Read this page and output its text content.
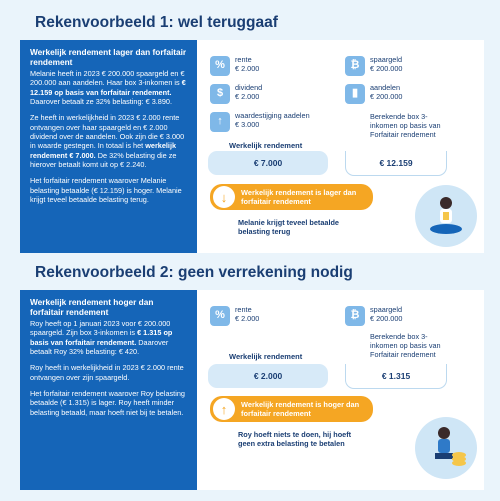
Rekenvoorbeeld 1: wel teruggaaf
Werkelijk rendement lager dan forfaitair rendement

Melanie heeft in 2023 € 200.000 spaargeld en € 200.000 aan aandelen. Haar box 3-inkomen is € 12.159 op basis van forfaitair rendement. Daarover betaalt ze 32% belasting: € 3.890.

Ze heeft in werkelijkheid in 2023 € 2.000 rente ontvangen over haar spaargeld en € 2.000 dividend over de aandelen. Ook zijn die € 3.000 in waarde gestegen. In totaal is het werkelijk rendement € 7.000. De 32% belasting die ze hierover betaalt komt uit op € 2.240.

Het forfaitair rendement waarover Melanie belasting betaalde (€ 12.159) is hoger. Melanie krijgt teveel betaalde belasting terug.

%	rente
€ 2.000
$	dividend
€ 2.000
↑	waardestijging aadelen
€ 3.000
Werkelijk rendement
€ 7.000
₿	spaargeld
€ 200.000
▮	aandelen
€ 200.000
Berekende box 3-inkomen op basis van Forfaitair rendement
€ 12.159
↓	Werkelijk rendement is lager dan forfaitair rendement
Melanie krijgt teveel betaalde belasting terug
Rekenvoorbeeld 2: geen verrekening nodig
Werkelijk rendement hoger dan forfaitair rendement

Roy heeft op 1 januari 2023 voor € 200.000 spaargeld. Zijn box 3-inkomen is € 1.315 op basis van forfaitair rendement. Daarover betaalt Roy 32% belasting: € 420.

Roy heeft in werkelijkheid in 2023 € 2.000 rente ontvangen over zijn spaargeld.

Het forfaitair rendement waarover Roy belasting betaalde (€ 1.315) is lager. Roy heeft minder belasting betaald, maar hoeft niet bij te betalen.

%	rente
€ 2.000
Werkelijk rendement
€ 2.000
₿	spaargeld
€ 200.000
Berekende box 3-inkomen op basis van Forfaitair rendement
€ 1.315
↑	Werkelijk rendement is hoger dan forfaitair rendement
Roy hoeft niets te doen, hij hoeft geen extra belasting te betalen
